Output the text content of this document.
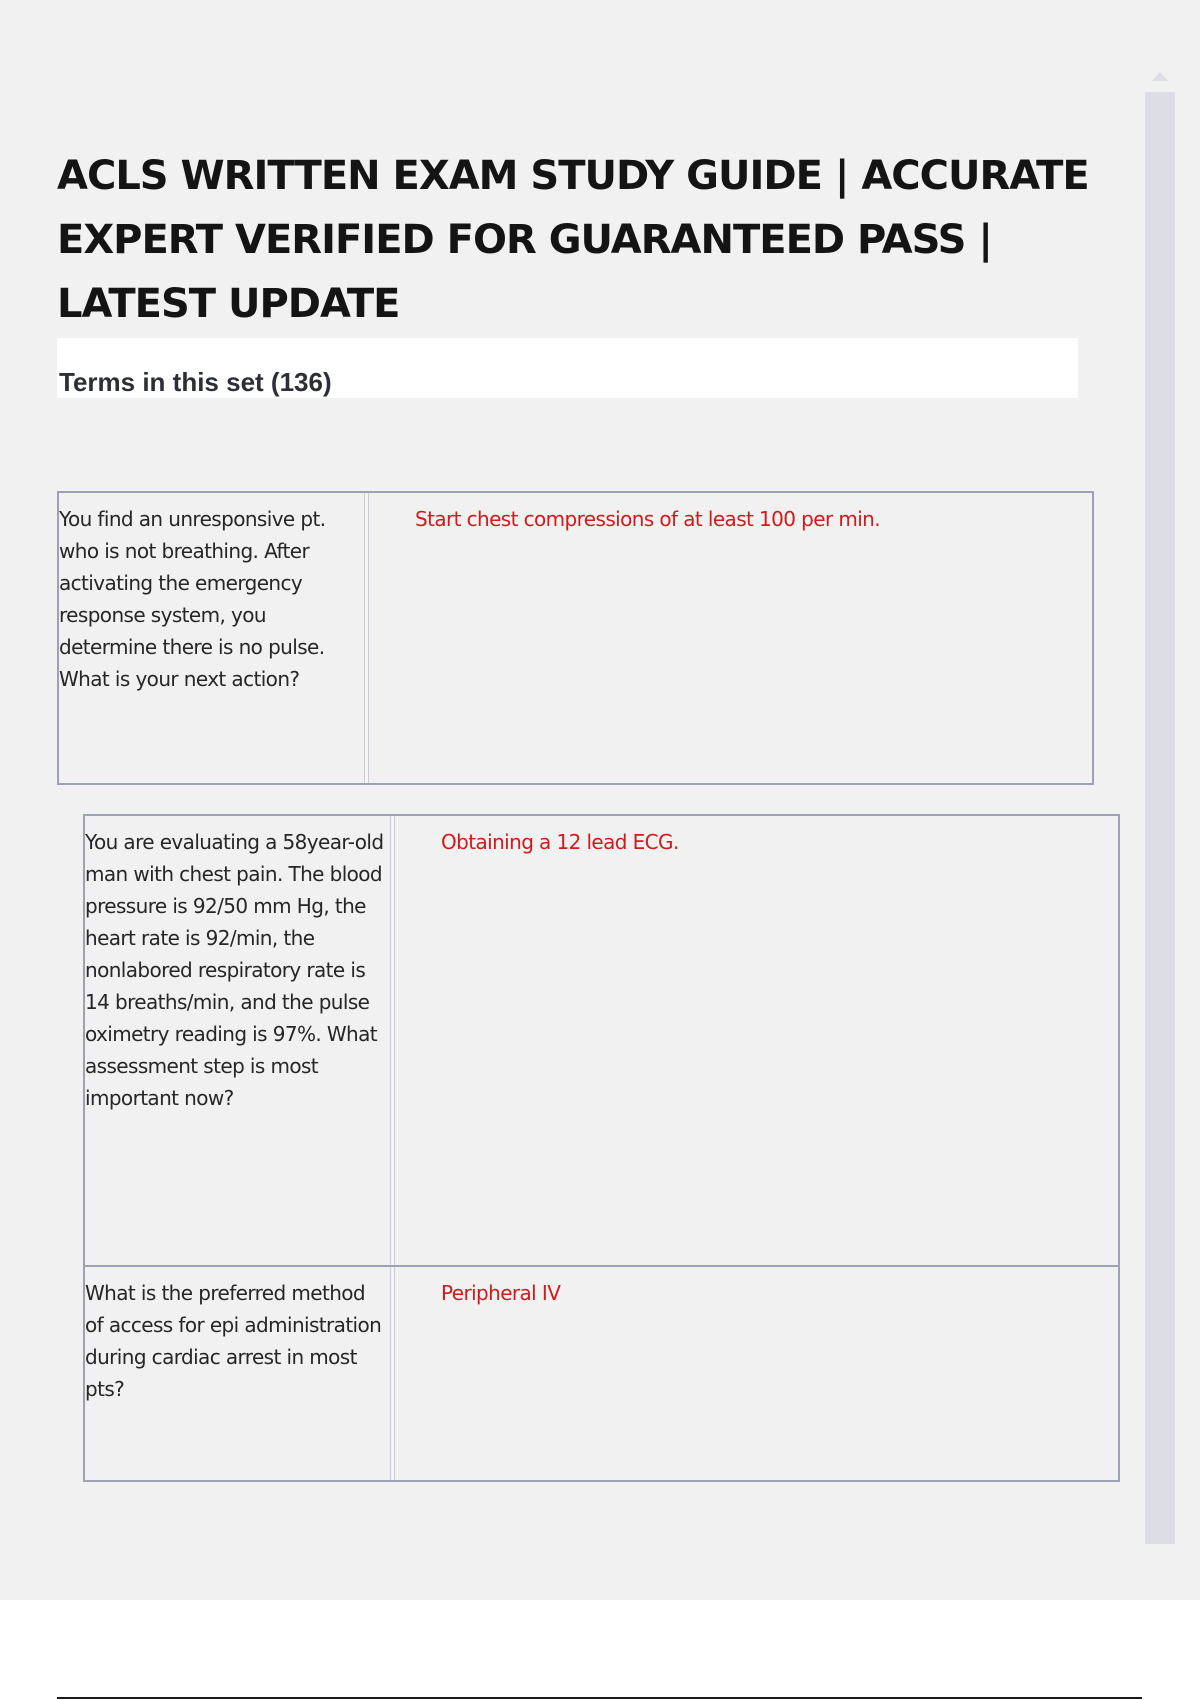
ACLS WRITTEN EXAM STUDY GUIDE | ACCURATE EXPERT VERIFIED FOR GUARANTEED PASS | LATEST UPDATE
Terms in this set (136)

You find an unresponsive pt. who is not breathing. After activating the emergency response system, you determine there is no pulse. What is your next action?

Start chest compressions of at least 100 per min.

You are evaluating a 58year-old man with chest pain. The blood pressure is 92/50 mm Hg, the heart rate is 92/min, the nonlabored respiratory rate is 14 breaths/min, and the pulse oximetry reading is 97%. What assessment step is most important now?

Obtaining a 12 lead ECG.

What is the preferred method of access for epi administration during cardiac arrest in most pts?

Peripheral IV
